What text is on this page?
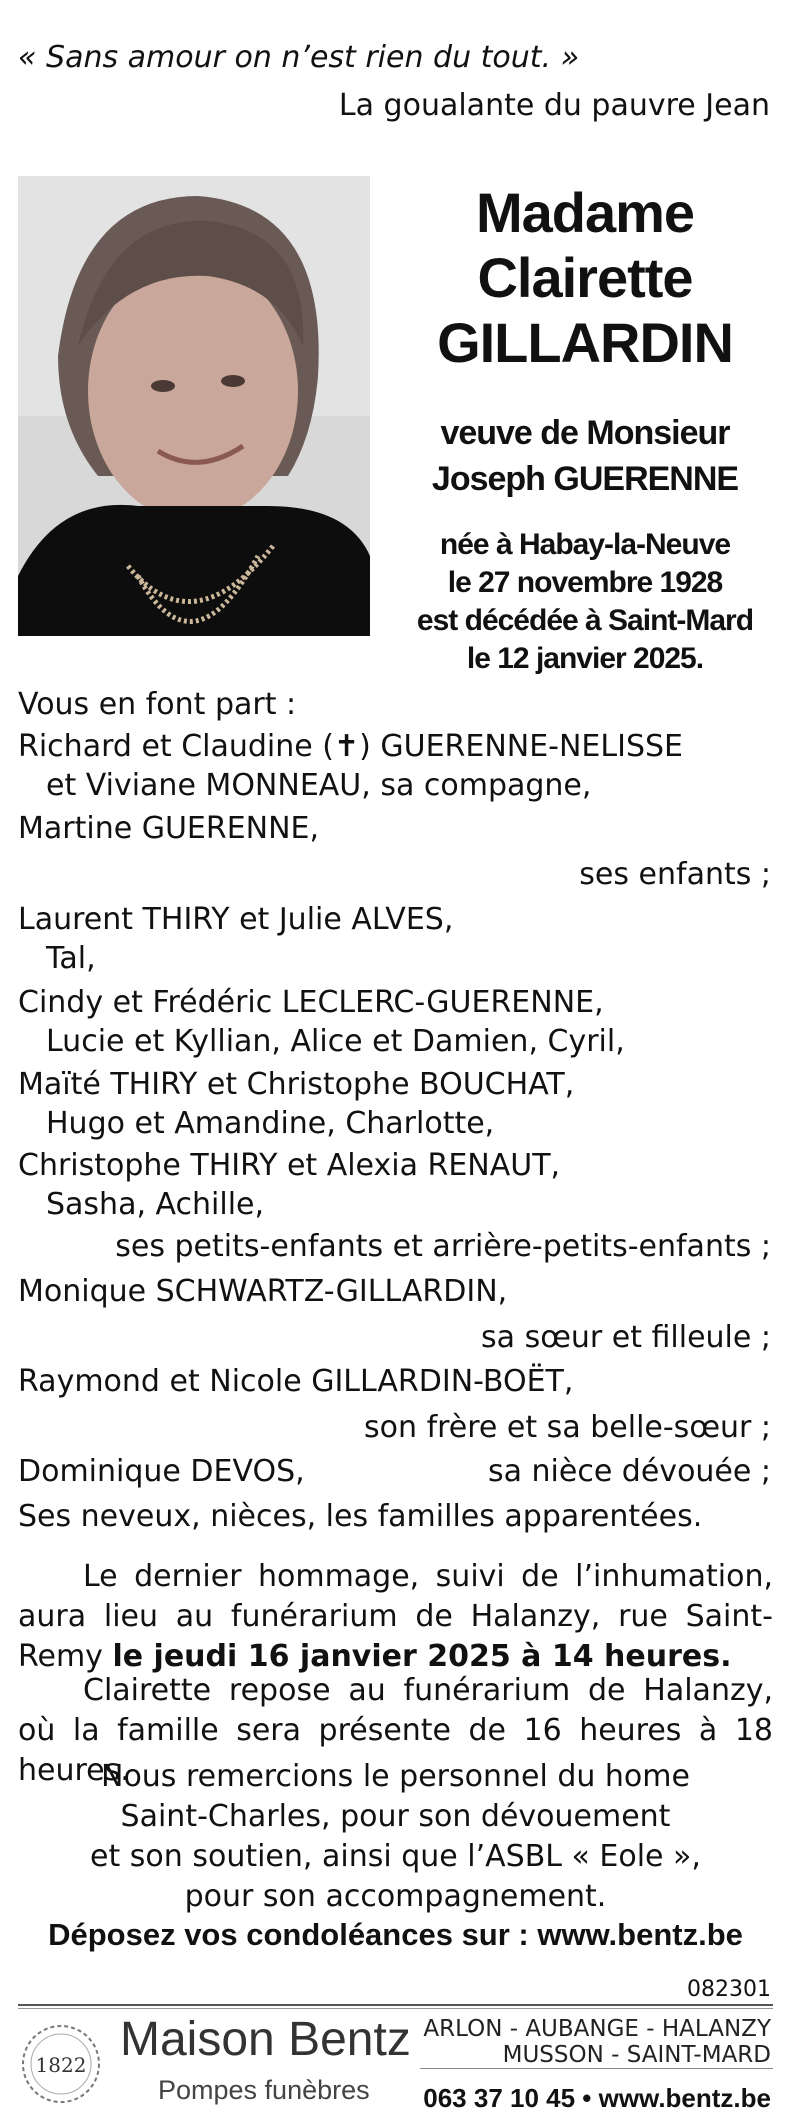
« Sans amour on n’est rien du tout. »
La goualante du pauvre Jean
Madame
Clairette
GILLARDIN
veuve de Monsieur
Joseph GUERENNE
née à Habay-la-Neuve
le 27 novembre 1928
est décédée à Saint-Mard
le 12 janvier 2025.
Vous en font part :
Richard et Claudine (✝) GUERENNE-NELISSE
et Viviane MONNEAU, sa compagne,
Martine GUERENNE,
ses enfants ;
Laurent THIRY et Julie ALVES,
Tal,
Cindy et Frédéric LECLERC-GUERENNE,
Lucie et Kyllian, Alice et Damien, Cyril,
Maïté THIRY et Christophe BOUCHAT,
Hugo et Amandine, Charlotte,
Christophe THIRY et Alexia RENAUT,
Sasha, Achille,
ses petits-enfants et arrière-petits-enfants ;
Monique SCHWARTZ-GILLARDIN,
sa sœur et filleule ;
Raymond et Nicole GILLARDIN-BOËT,
son frère et sa belle-sœur ;
Dominique DEVOS,	sa nièce dévouée ;
Ses neveux, nièces, les familles apparentées.
Le dernier hommage, suivi de l’inhumation, aura lieu au funérarium de Halanzy, rue Saint-Remy le jeudi 16 janvier 2025 à 14 heures.
Clairette repose au funérarium de Halanzy, où la famille sera présente de 16 heures à 18 heures.
Nous remercions le personnel du home
Saint-Charles, pour son dévouement
et son soutien, ainsi que l’ASBL « Eole »,
pour son accompagnement.
Déposez vos condoléances sur : www.bentz.be
082301
1822 Maison Bentz
Pompes funèbres
ARLON - AUBANGE - HALANZY
MUSSON - SAINT-MARD
063 37 10 45 • www.bentz.be
